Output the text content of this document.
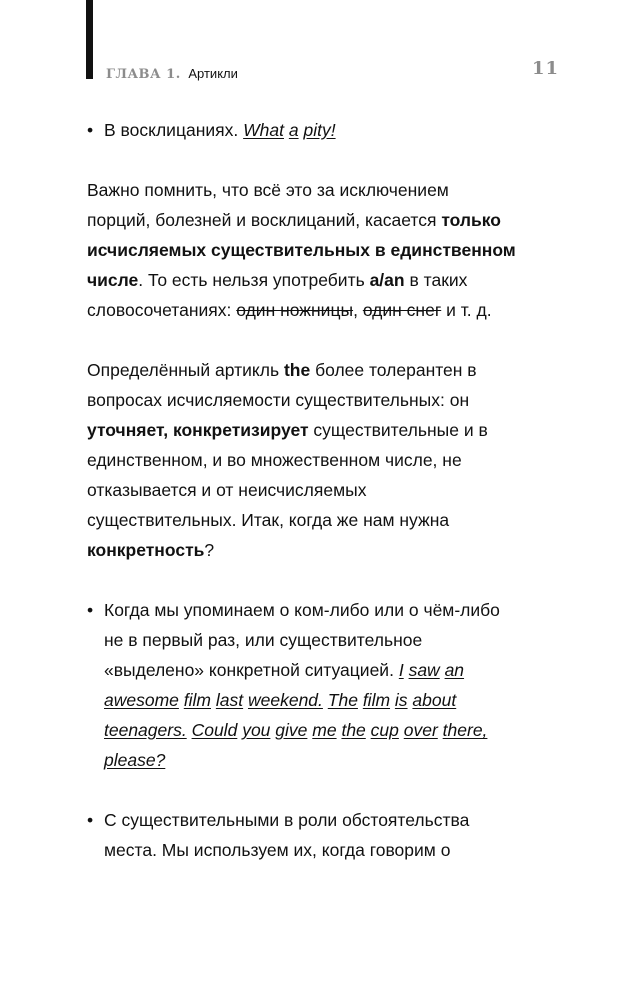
ГЛАВА 1. Артикли	11
• В восклицаниях. What a pity!

Важно помнить, что всё это за исключением порций, болезней и восклицаний, касается только исчисляемых существительных в единственном числе. То есть нельзя употребить a/an в таких словосочетаниях: один ножницы, один снег и т. д.

Определённый артикль the более толерантен в вопросах исчисляемости существительных: он уточняет, конкретизирует существительные и в единственном, и во множественном числе, не отказывается и от неисчисляемых существительных. Итак, когда же нам нужна конкретность?

• Когда мы упоминаем о ком-либо или о чём-либо не в первый раз, или существительное «выделено» конкретной ситуацией. I saw an awesome film last weekend. The film is about teenagers. Could you give me the cup over there, please?
• С существительными в роли обстоятельства места. Мы используем их, когда говорим о
